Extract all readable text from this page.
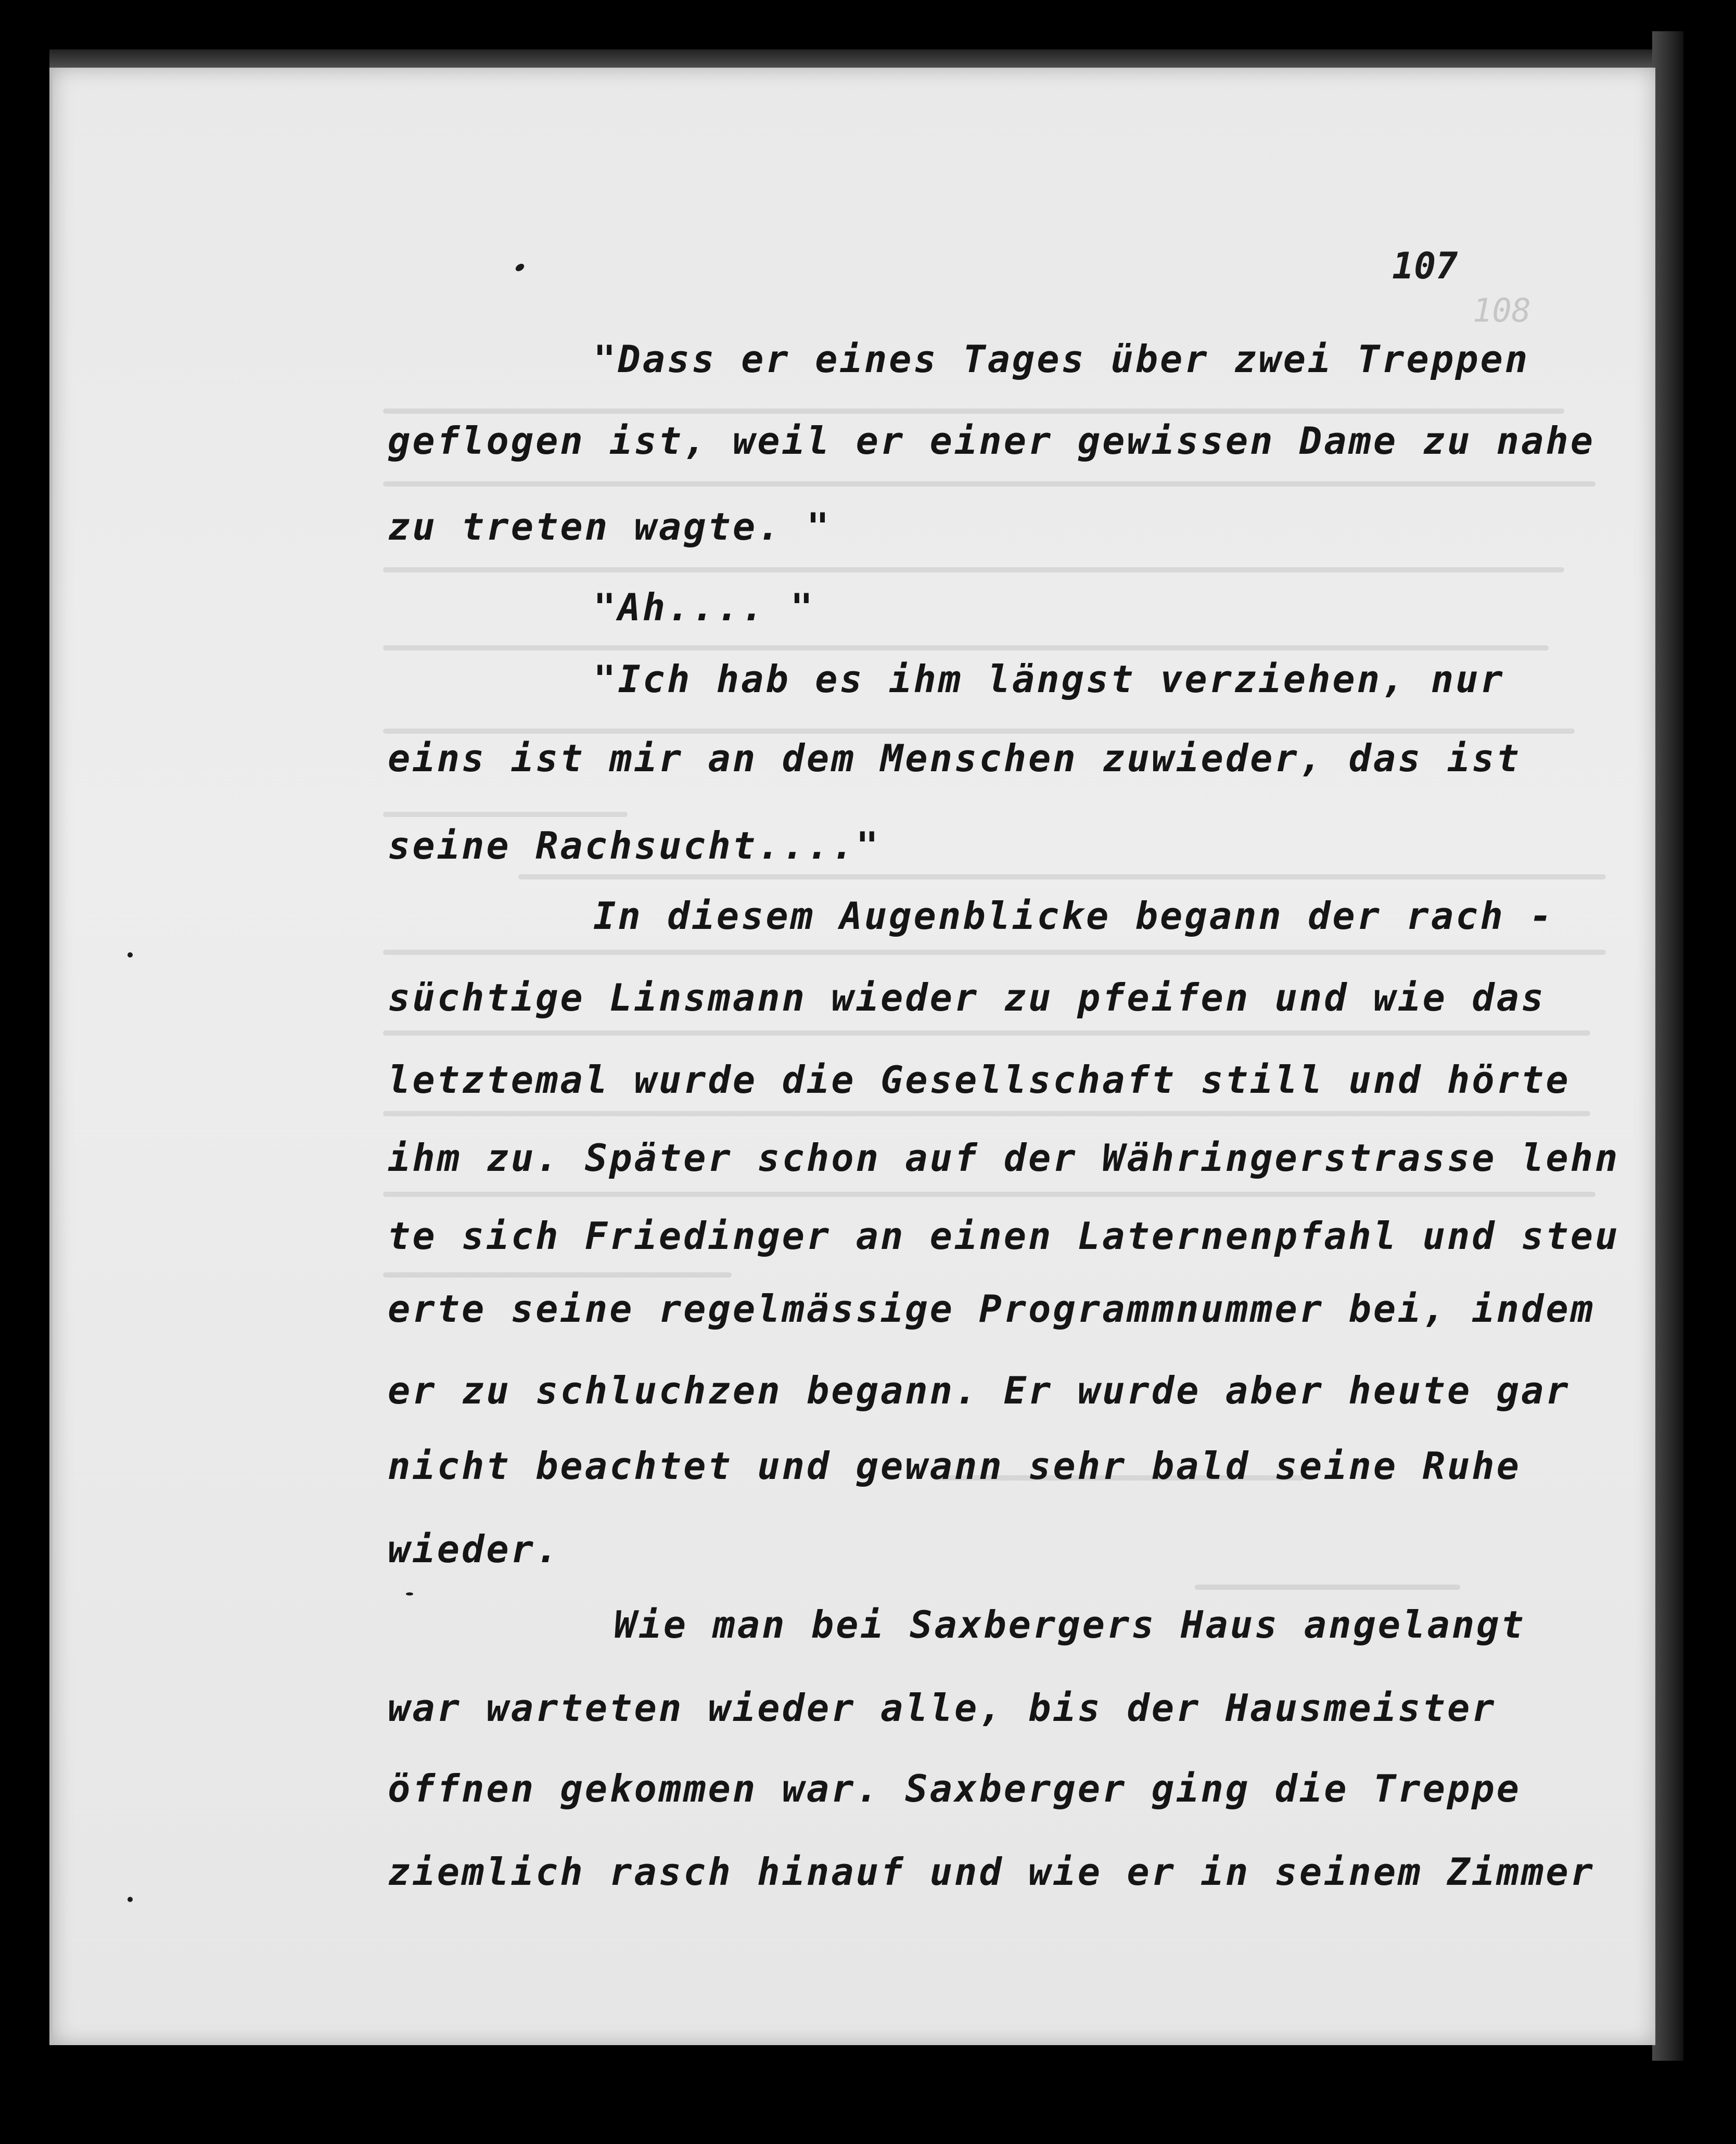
107
108
"Dass er eines Tages über zwei Treppen
geflogen ist, weil er einer gewissen Dame zu nahe
zu treten wagte. "
"Ah.... "
"Ich hab es ihm längst verziehen, nur
eins ist mir an dem Menschen zuwieder, das ist
seine Rachsucht...."
In diesem Augenblicke begann der rach -
süchtige Linsmann wieder zu pfeifen und wie das
letztemal wurde die Gesellschaft still und hörte
ihm zu. Später schon auf der Währingerstrasse lehn
te sich Friedinger an einen Laternenpfahl und steu
erte seine regelmässige Programmnummer bei, indem
er zu schluchzen begann. Er wurde aber heute gar
nicht beachtet und gewann sehr bald seine Ruhe
wieder.
Wie man bei Saxbergers Haus angelangt
war warteten wieder alle, bis der Hausmeister
öffnen gekommen war. Saxberger ging die Treppe
ziemlich rasch hinauf und wie er in seinem Zimmer
